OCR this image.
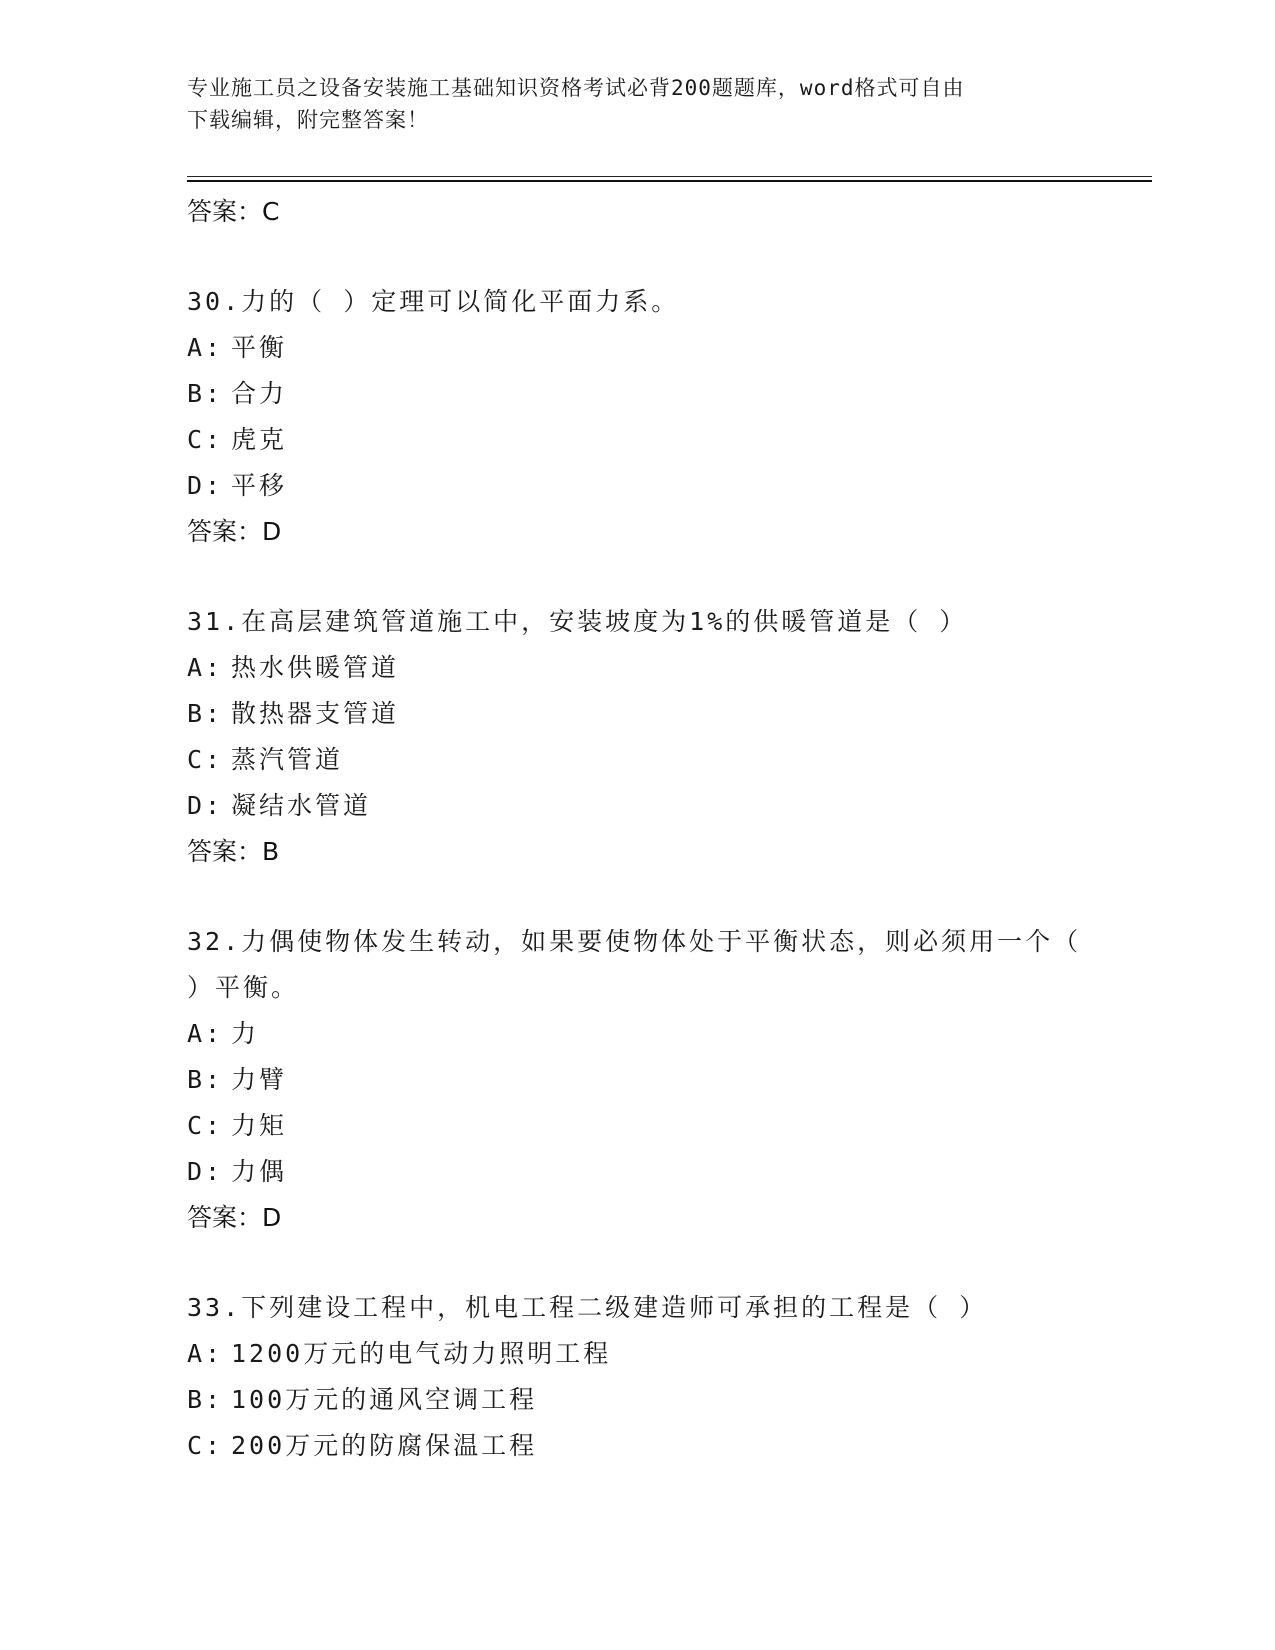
专业施工员之设备安装施工基础知识资格考试必背200题题库，word格式可自由
下载编辑，附完整答案！
答案：C
30.力的（ ）定理可以简化平面力系。
A: 平衡
B: 合力
C: 虎克
D: 平移
答案：D
31.在高层建筑管道施工中，安装坡度为1%的供暖管道是（ ）
A: 热水供暖管道
B: 散热器支管道
C: 蒸汽管道
D: 凝结水管道
答案：B
32.力偶使物体发生转动，如果要使物体处于平衡状态，则必须用一个（ ）平衡。
A: 力
B: 力臂
C: 力矩
D: 力偶
答案：D
33.下列建设工程中，机电工程二级建造师可承担的工程是（ ）
A: 1200万元的电气动力照明工程
B: 100万元的通风空调工程
C: 200万元的防腐保温工程
